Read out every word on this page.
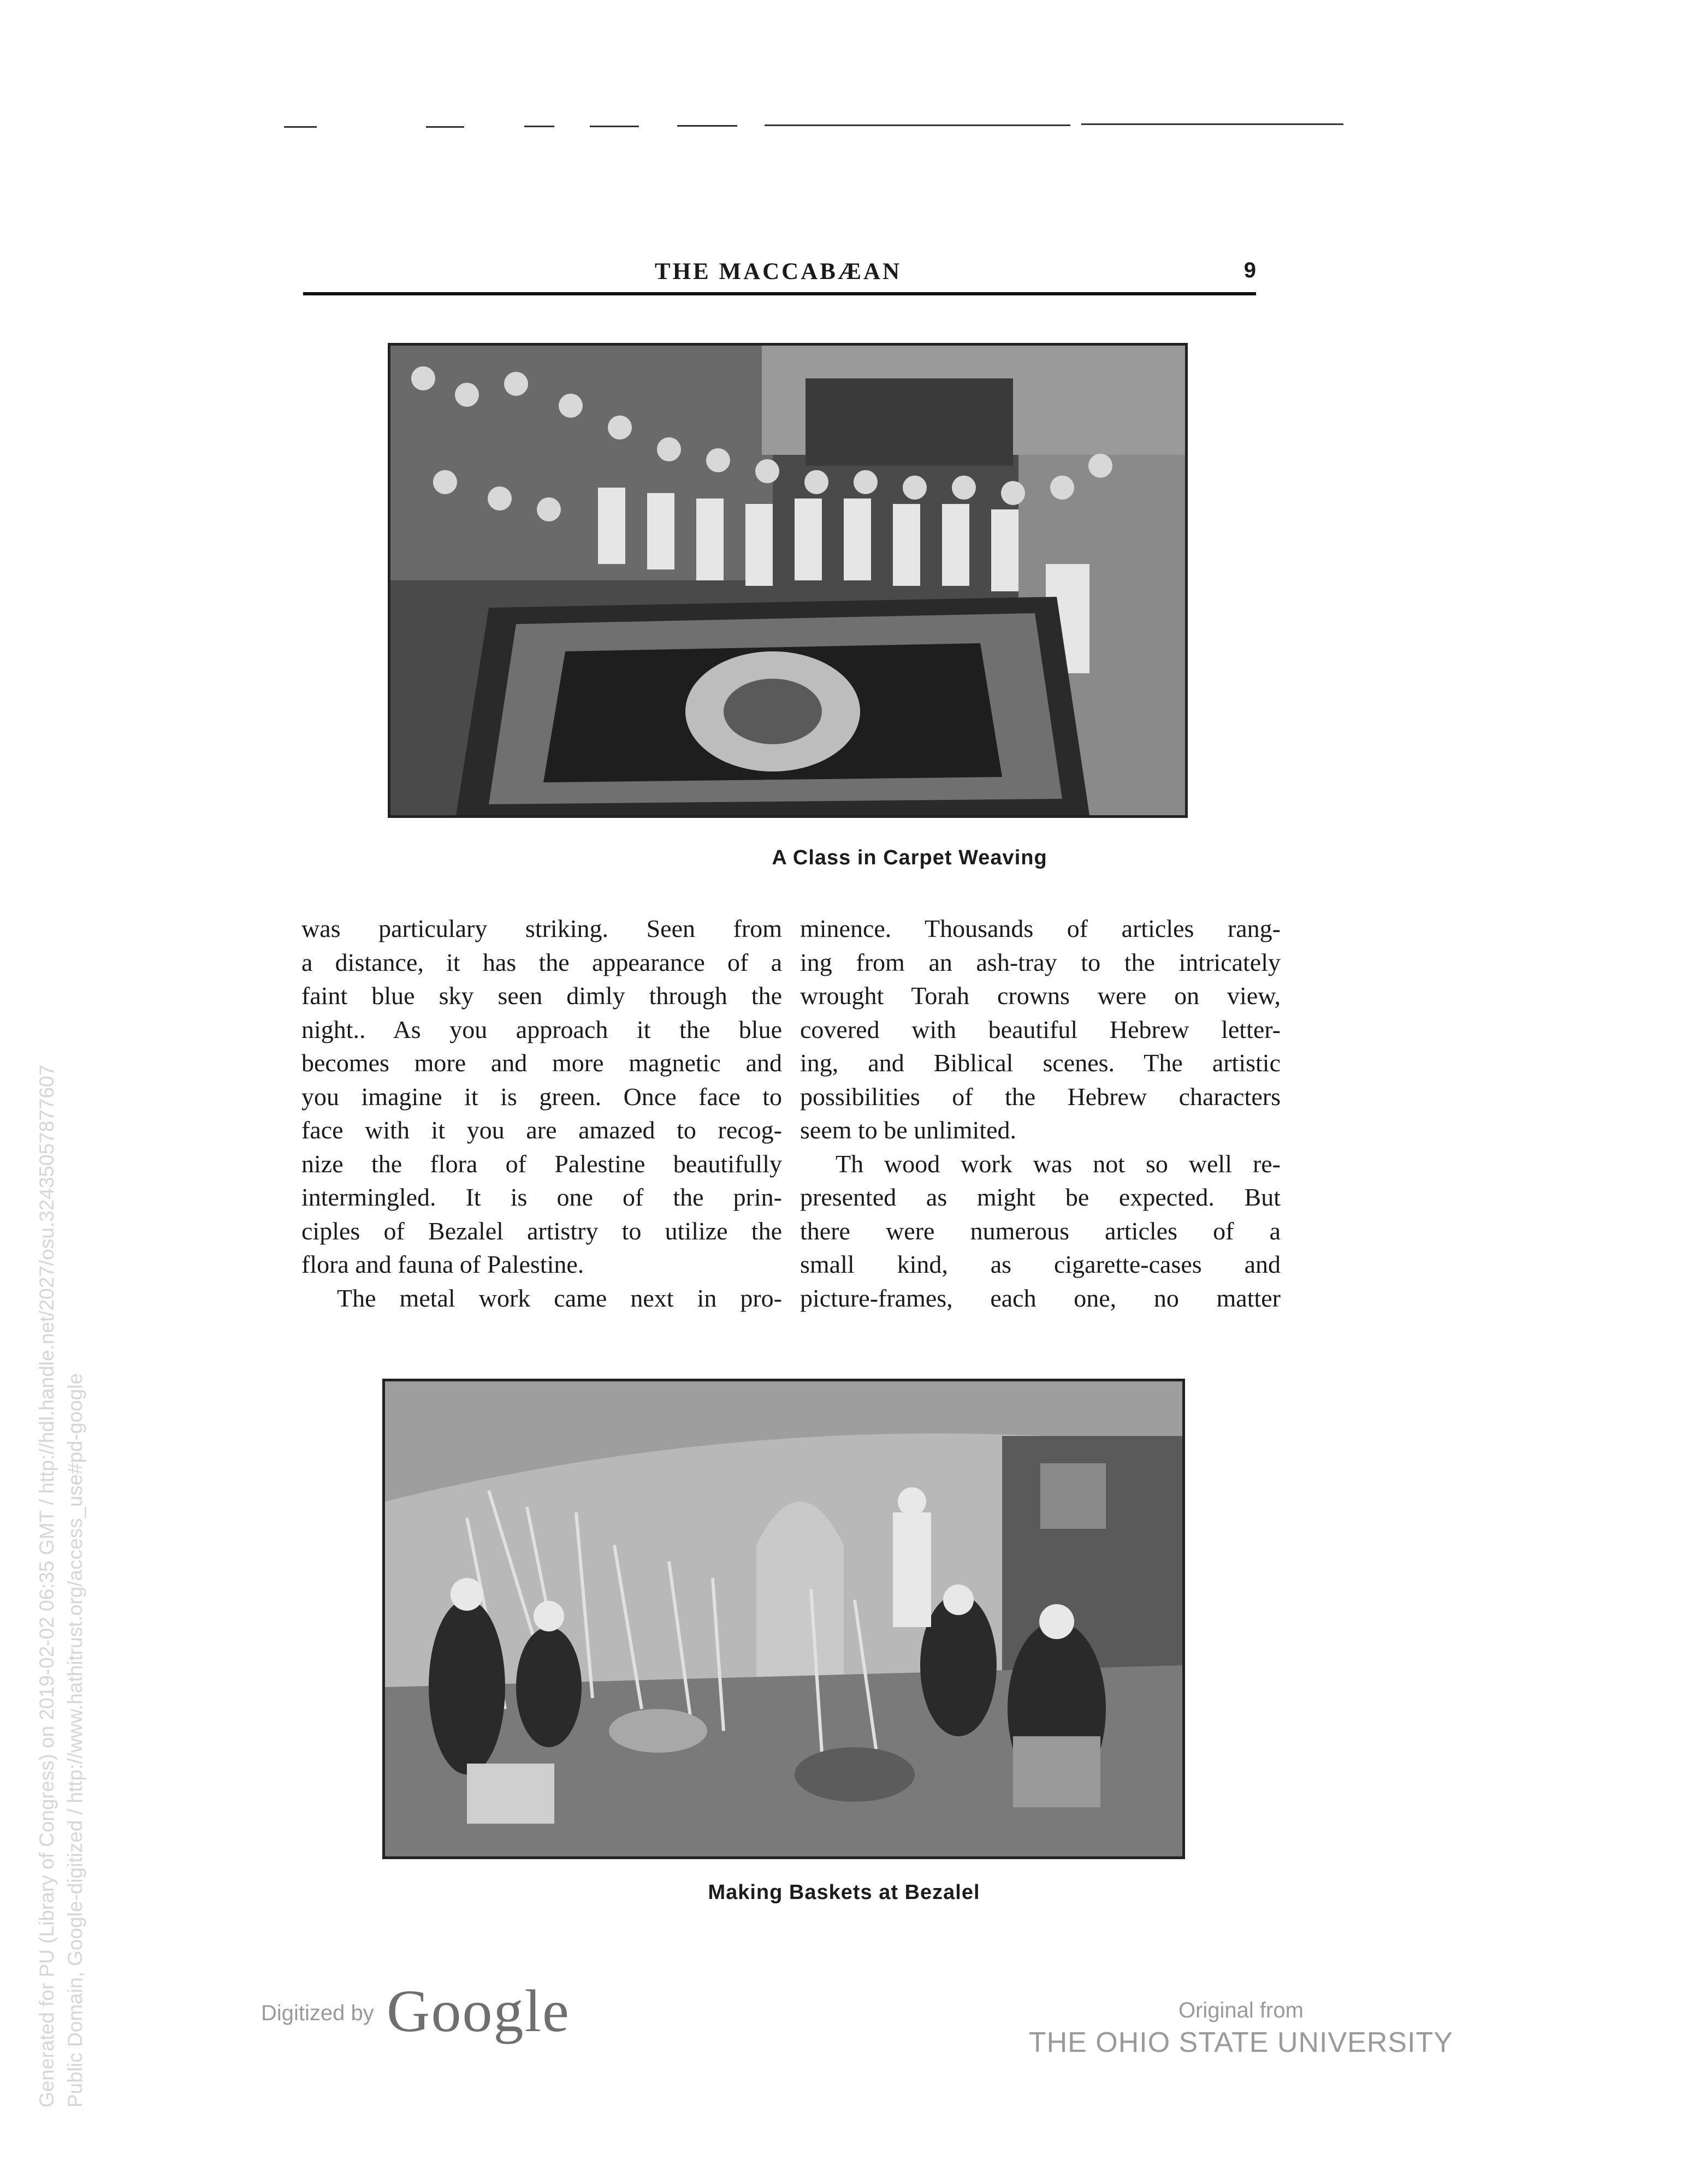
THE MACCABÆAN	9
A Class in Carpet Weaving
was particulary striking. Seen from
a distance, it has the appearance of a
faint blue sky seen dimly through the
night.. As you approach it the blue
becomes more and more magnetic and
you imagine it is green. Once face to
face with it you are amazed to recog-
nize the flora of Palestine beautifully
intermingled. It is one of the prin-
ciples of Bezalel artistry to utilize the
flora and fauna of Palestine.
The metal work came next in pro-
minence. Thousands of articles rang-
ing from an ash-tray to the intricately
wrought Torah crowns were on view,
covered with beautiful Hebrew letter-
ing, and Biblical scenes. The artistic
possibilities of the Hebrew characters
seem to be unlimited.
Th wood work was not so well re-
presented as might be expected. But
there were numerous articles of a
small kind, as cigarette-cases and
picture-frames, each one, no matter
Making Baskets at Bezalel
Digitized by Google	Original from
THE OHIO STATE UNIVERSITY
Generated for PU (Library of Congress) on 2019-02-02 06:35 GMT / http://hdl.handle.net/2027/osu.32435057877607 Public Domain, Google-digitized / http://www.hathitrust.org/access_use#pd-google
